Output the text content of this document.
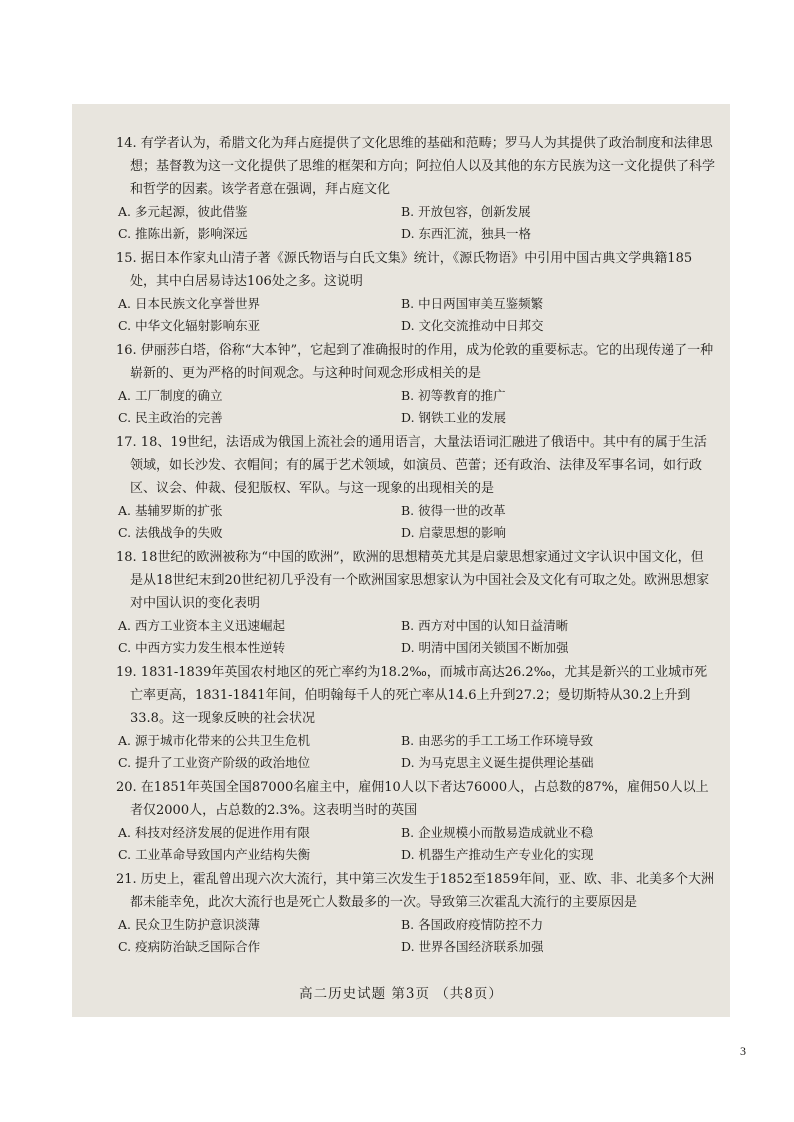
14. 有学者认为，希腊文化为拜占庭提供了文化思维的基础和范畴；罗马人为其提供了政治制度和法律思想；基督教为这一文化提供了思维的框架和方向；阿拉伯人以及其他的东方民族为这一文化提供了科学和哲学的因素。该学者意在强调，拜占庭文化

A. 多元起源，彼此借鉴	B. 开放包容，创新发展
C. 推陈出新，影响深远	D. 东西汇流，独具一格

15. 据日本作家丸山清子著《源氏物语与白氏文集》统计，《源氏物语》中引用中国古典文学典籍185处，其中白居易诗达106处之多。这说明

A. 日本民族文化享誉世界	B. 中日两国审美互鉴频繁
C. 中华文化辐射影响东亚	D. 文化交流推动中日邦交

16. 伊丽莎白塔，俗称“大本钟”，它起到了准确报时的作用，成为伦敦的重要标志。它的出现传递了一种崭新的、更为严格的时间观念。与这种时间观念形成相关的是

A. 工厂制度的确立	B. 初等教育的推广
C. 民主政治的完善	D. 钢铁工业的发展

17. 18、19世纪，法语成为俄国上流社会的通用语言，大量法语词汇融进了俄语中。其中有的属于生活领域，如长沙发、衣帽间；有的属于艺术领域，如演员、芭蕾；还有政治、法律及军事名词，如行政区、议会、仲裁、侵犯版权、军队。与这一现象的出现相关的是

A. 基辅罗斯的扩张	B. 彼得一世的改革
C. 法俄战争的失败	D. 启蒙思想的影响

18. 18世纪的欧洲被称为“中国的欧洲”，欧洲的思想精英尤其是启蒙思想家通过文字认识中国文化，但是从18世纪末到20世纪初几乎没有一个欧洲国家思想家认为中国社会及文化有可取之处。欧洲思想家对中国认识的变化表明

A. 西方工业资本主义迅速崛起	B. 西方对中国的认知日益清晰
C. 中西方实力发生根本性逆转	D. 明清中国闭关锁国不断加强

19. 1831-1839年英国农村地区的死亡率约为18.2‰，而城市高达26.2‰，尤其是新兴的工业城市死亡率更高，1831-1841年间，伯明翰每千人的死亡率从14.6上升到27.2；曼切斯特从30.2上升到33.8。这一现象反映的社会状况

A. 源于城市化带来的公共卫生危机	B. 由恶劣的手工工场工作环境导致
C. 提升了工业资产阶级的政治地位	D. 为马克思主义诞生提供理论基础

20. 在1851年英国全国87000名雇主中，雇佣10人以下者达76000人，占总数的87%，雇佣50人以上者仅2000人，占总数的2.3%。这表明当时的英国

A. 科技对经济发展的促进作用有限	B. 企业规模小而散易造成就业不稳
C. 工业革命导致国内产业结构失衡	D. 机器生产推动生产专业化的实现

21. 历史上，霍乱曾出现六次大流行，其中第三次发生于1852至1859年间，亚、欧、非、北美多个大洲都未能幸免，此次大流行也是死亡人数最多的一次。导致第三次霍乱大流行的主要原因是

A. 民众卫生防护意识淡薄	B. 各国政府疫情防控不力
C. 疫病防治缺乏国际合作	D. 世界各国经济联系加强
高二历史试题 第3页 （共8页）
3
